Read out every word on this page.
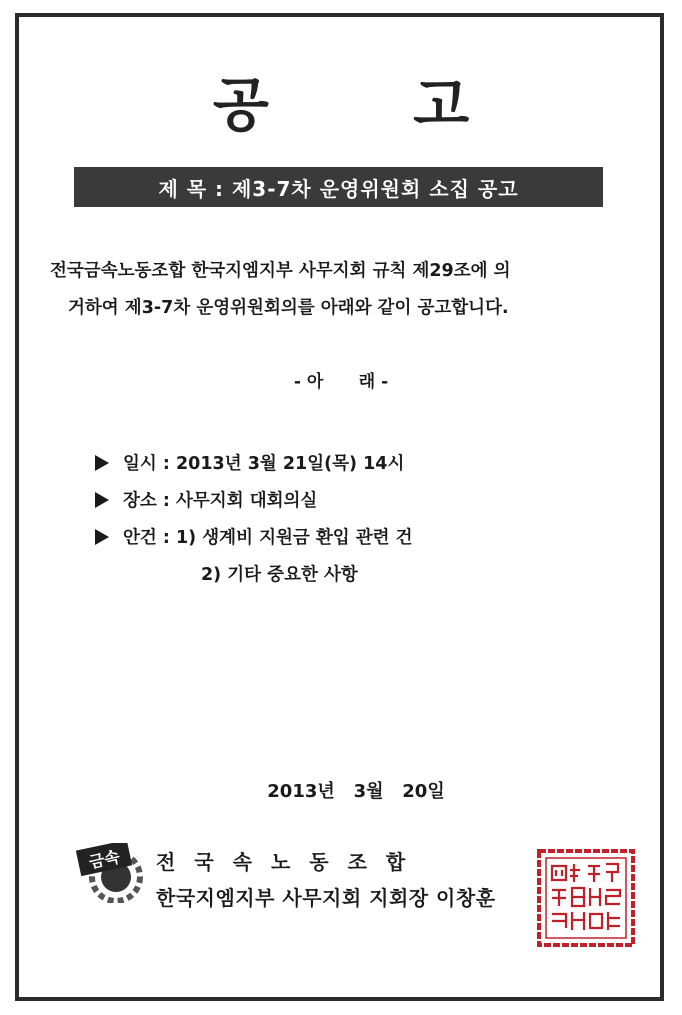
공 고
제 목 : 제3-7차 운영위원회 소집 공고
전국금속노동조합 한국지엠지부 사무지회 규칙 제29조에 의
거하여 제3-7차 운영위원회의를 아래와 같이 공고합니다.
- 아      래 -
일시 : 2013년 3월 21일(목) 14시
장소 : 사무지회 대회의실
안건 : 1) 생계비 지원금 환입 관련 건
2) 기타 중요한 사항
2013년   3월   20일
금속 전국속노동조합
한국지엠지부 사무지회 지회장 이창훈
